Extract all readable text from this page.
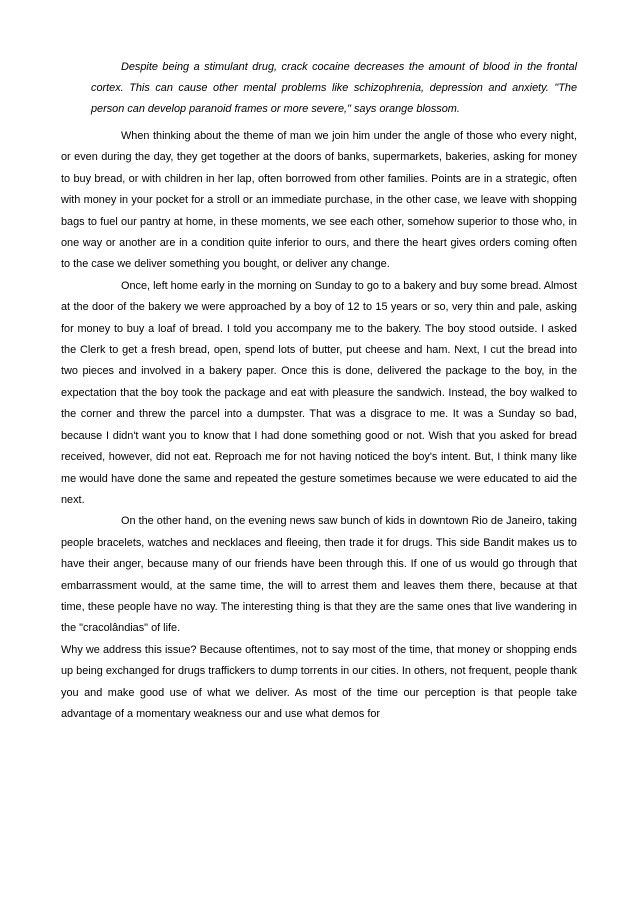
Despite being a stimulant drug, crack cocaine decreases the amount of blood in the frontal cortex. This can cause other mental problems like schizophrenia, depression and anxiety. "The person can develop paranoid frames or more severe," says orange blossom.

When thinking about the theme of man we join him under the angle of those who every night, or even during the day, they get together at the doors of banks, supermarkets, bakeries, asking for money to buy bread, or with children in her lap, often borrowed from other families. Points are in a strategic, often with money in your pocket for a stroll or an immediate purchase, in the other case, we leave with shopping bags to fuel our pantry at home, in these moments, we see each other, somehow superior to those who, in one way or another are in a condition quite inferior to ours, and there the heart gives orders coming often to the case we deliver something you bought, or deliver any change.

Once, left home early in the morning on Sunday to go to a bakery and buy some bread. Almost at the door of the bakery we were approached by a boy of 12 to 15 years or so, very thin and pale, asking for money to buy a loaf of bread. I told you accompany me to the bakery. The boy stood outside. I asked the Clerk to get a fresh bread, open, spend lots of butter, put cheese and ham. Next, I cut the bread into two pieces and involved in a bakery paper. Once this is done, delivered the package to the boy, in the expectation that the boy took the package and eat with pleasure the sandwich. Instead, the boy walked to the corner and threw the parcel into a dumpster. That was a disgrace to me. It was a Sunday so bad, because I didn't want you to know that I had done something good or not. Wish that you asked for bread received, however, did not eat. Reproach me for not having noticed the boy's intent. But, I think many like me would have done the same and repeated the gesture sometimes because we were educated to aid the next.

On the other hand, on the evening news saw bunch of kids in downtown Rio de Janeiro, taking people bracelets, watches and necklaces and fleeing, then trade it for drugs. This side Bandit makes us to have their anger, because many of our friends have been through this. If one of us would go through that embarrassment would, at the same time, the will to arrest them and leaves them there, because at that time, these people have no way. The interesting thing is that they are the same ones that live wandering in the "cracolândias" of life.

Why we address this issue? Because oftentimes, not to say most of the time, that money or shopping ends up being exchanged for drugs traffickers to dump torrents in our cities. In others, not frequent, people thank you and make good use of what we deliver. As most of the time our perception is that people take advantage of a momentary weakness our and use what demos for
